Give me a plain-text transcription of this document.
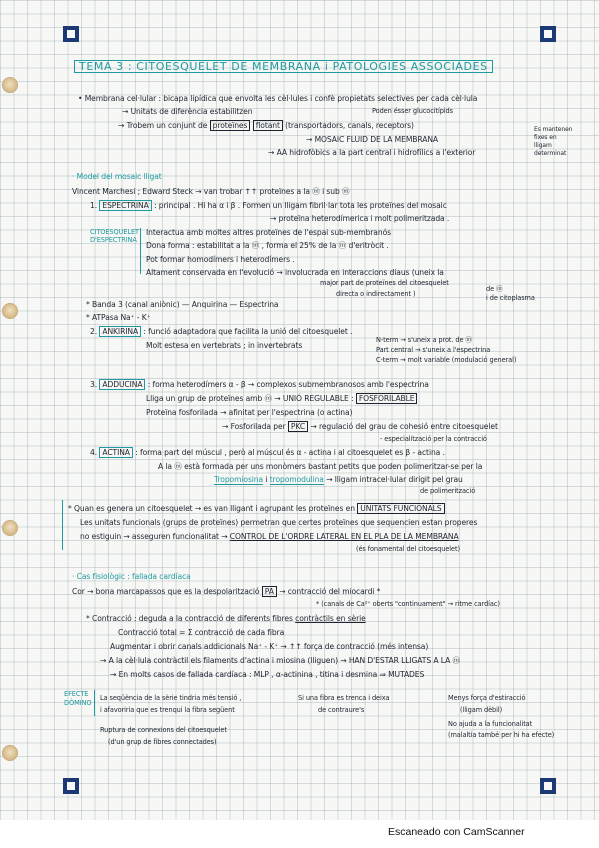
TEMA 3 : CITOESQUELET DE MEMBRANA i PATOLOGIES ASSOCIADES
• Membrana cel·lular : bicapa lipídica que envolta les cèl·lules i confè propietats selectives per cada cèl·lula
→ Unitats de diferència estabilitzen	Poden ésser glucocitípids
→ Trobem un conjunt de proteïnes flotant (transportadors, canals, receptors)
→ MOSAIC FLUID DE LA MEMBRANA
→ AA hidrofòbics a la part central i hidrofílics a l'exterior
Es mantenen
fixes en
lligam
determinat
· Model del mosaic lligat
Vincent Marchesi ; Edward Steck → van trobar ↑↑ proteïnes a la ⓜ i sub ⓜ
1. ESPECTRINA : principal . Hi ha α i β . Formen un lligam fibril·lar tota les proteïnes del mosaic
→ proteïna heterodímerica i molt polimeritzada .
CITOESQUELET
D'ESPECTRINA
Interactua amb moltes altres proteïnes de l'espai sub-membranós
Dona forma : estabilitat a la ⓜ , forma el 25% de la ⓜ d'eritròcit .
Pot formar homodímers i heterodímers .
Altament conservada en l'evolució → involucrada en interaccions diaus (uneix la
major part de proteïnes del citoesquelet
directa o indirectament )
de ⓜ
i de citoplasma
* Banda 3 (canal aniònic) — Anquirina — Espectrina
* ATPasa Na⁺ - K⁺
2. ANKIRINA : funció adaptadora que facilita la unió del citoesquelet .
Molt estesa en vertebrats ; in invertebrats
N-term → s'uneix a prot. de ⓜ
Part central → s'uneix a l'espectrina
C-term → molt variable (modulació general)
3. ADDUCINA : forma heterodímers α - β → complexos submembranosos amb l'espectrina
Lliga un grup de proteïnes amb ⓜ → UNIÓ REGULABLE : FOSFORILABLE
Proteïna fosforilada → afinitat per l'espectrina (o actina)
→ Fosforilada per PKC → regulació del grau de cohesió entre citoesquelet
- especialització per la contracció
4. ACTINA : forma part del múscul , però al múscul és α - actina i al citoesquelet es β - actina .
A la ⓜ està formada per uns monòmers bastant petits que poden polimeritzar-se per la
Tropomiosina i tropomodulina → lligam intracel·lular dirigit pel grau
de polimerització
* Quan es genera un citoesquelet → es van lligant i agrupant les proteïnes en UNITATS FUNCIONALS
Les unitats funcionals (grups de proteïnes) permetran que certes proteïnes que sequencien estan properes
no estiguin → asseguren funcionalitat → CONTROL DE L'ORDRE LATERAL EN EL PLA DE LA MEMBRANA
(és fonamental del citoesquelet)
· Cas fisiològic : fallada cardíaca
Cor → bona marcapassos que es la despolarització PA → contracció del miocardi *
* (canals de Ca²⁺ oberts "continuament" → ritme cardíac)
* Contracció : deguda a la contracció de diferents fibres contràctils en sèrie
Contracció total = Σ contracció de cada fibra
Augmentar i obrir canals addicionals Na⁺ - K⁺ → ↑↑ força de contracció (més intensa)
→ A la cèl·lula contràctil els filaments d'actina i miosina (lliguen) → HAN D'ESTAR LLIGATS A LA ⓜ
→ En molts casos de fallada cardíaca : MLP , α-actinina , titina i desmina ⇒ MUTADES
EFECTE
DÒMINO
La seqüència de la sèrie tindria més tensió ,	Si una fibra es trenca i deixa	Menys força d'estiracció
i afavoriria que es trenqui la fibra següent	de contraure's	(lligam dèbil)
Ruptura de connexions del citoesquelet
No ajuda a la funcionalitat
(d'un grup de fibres connectades)
(malaltia també per hi ha efecte)
Escaneado con CamScanner
